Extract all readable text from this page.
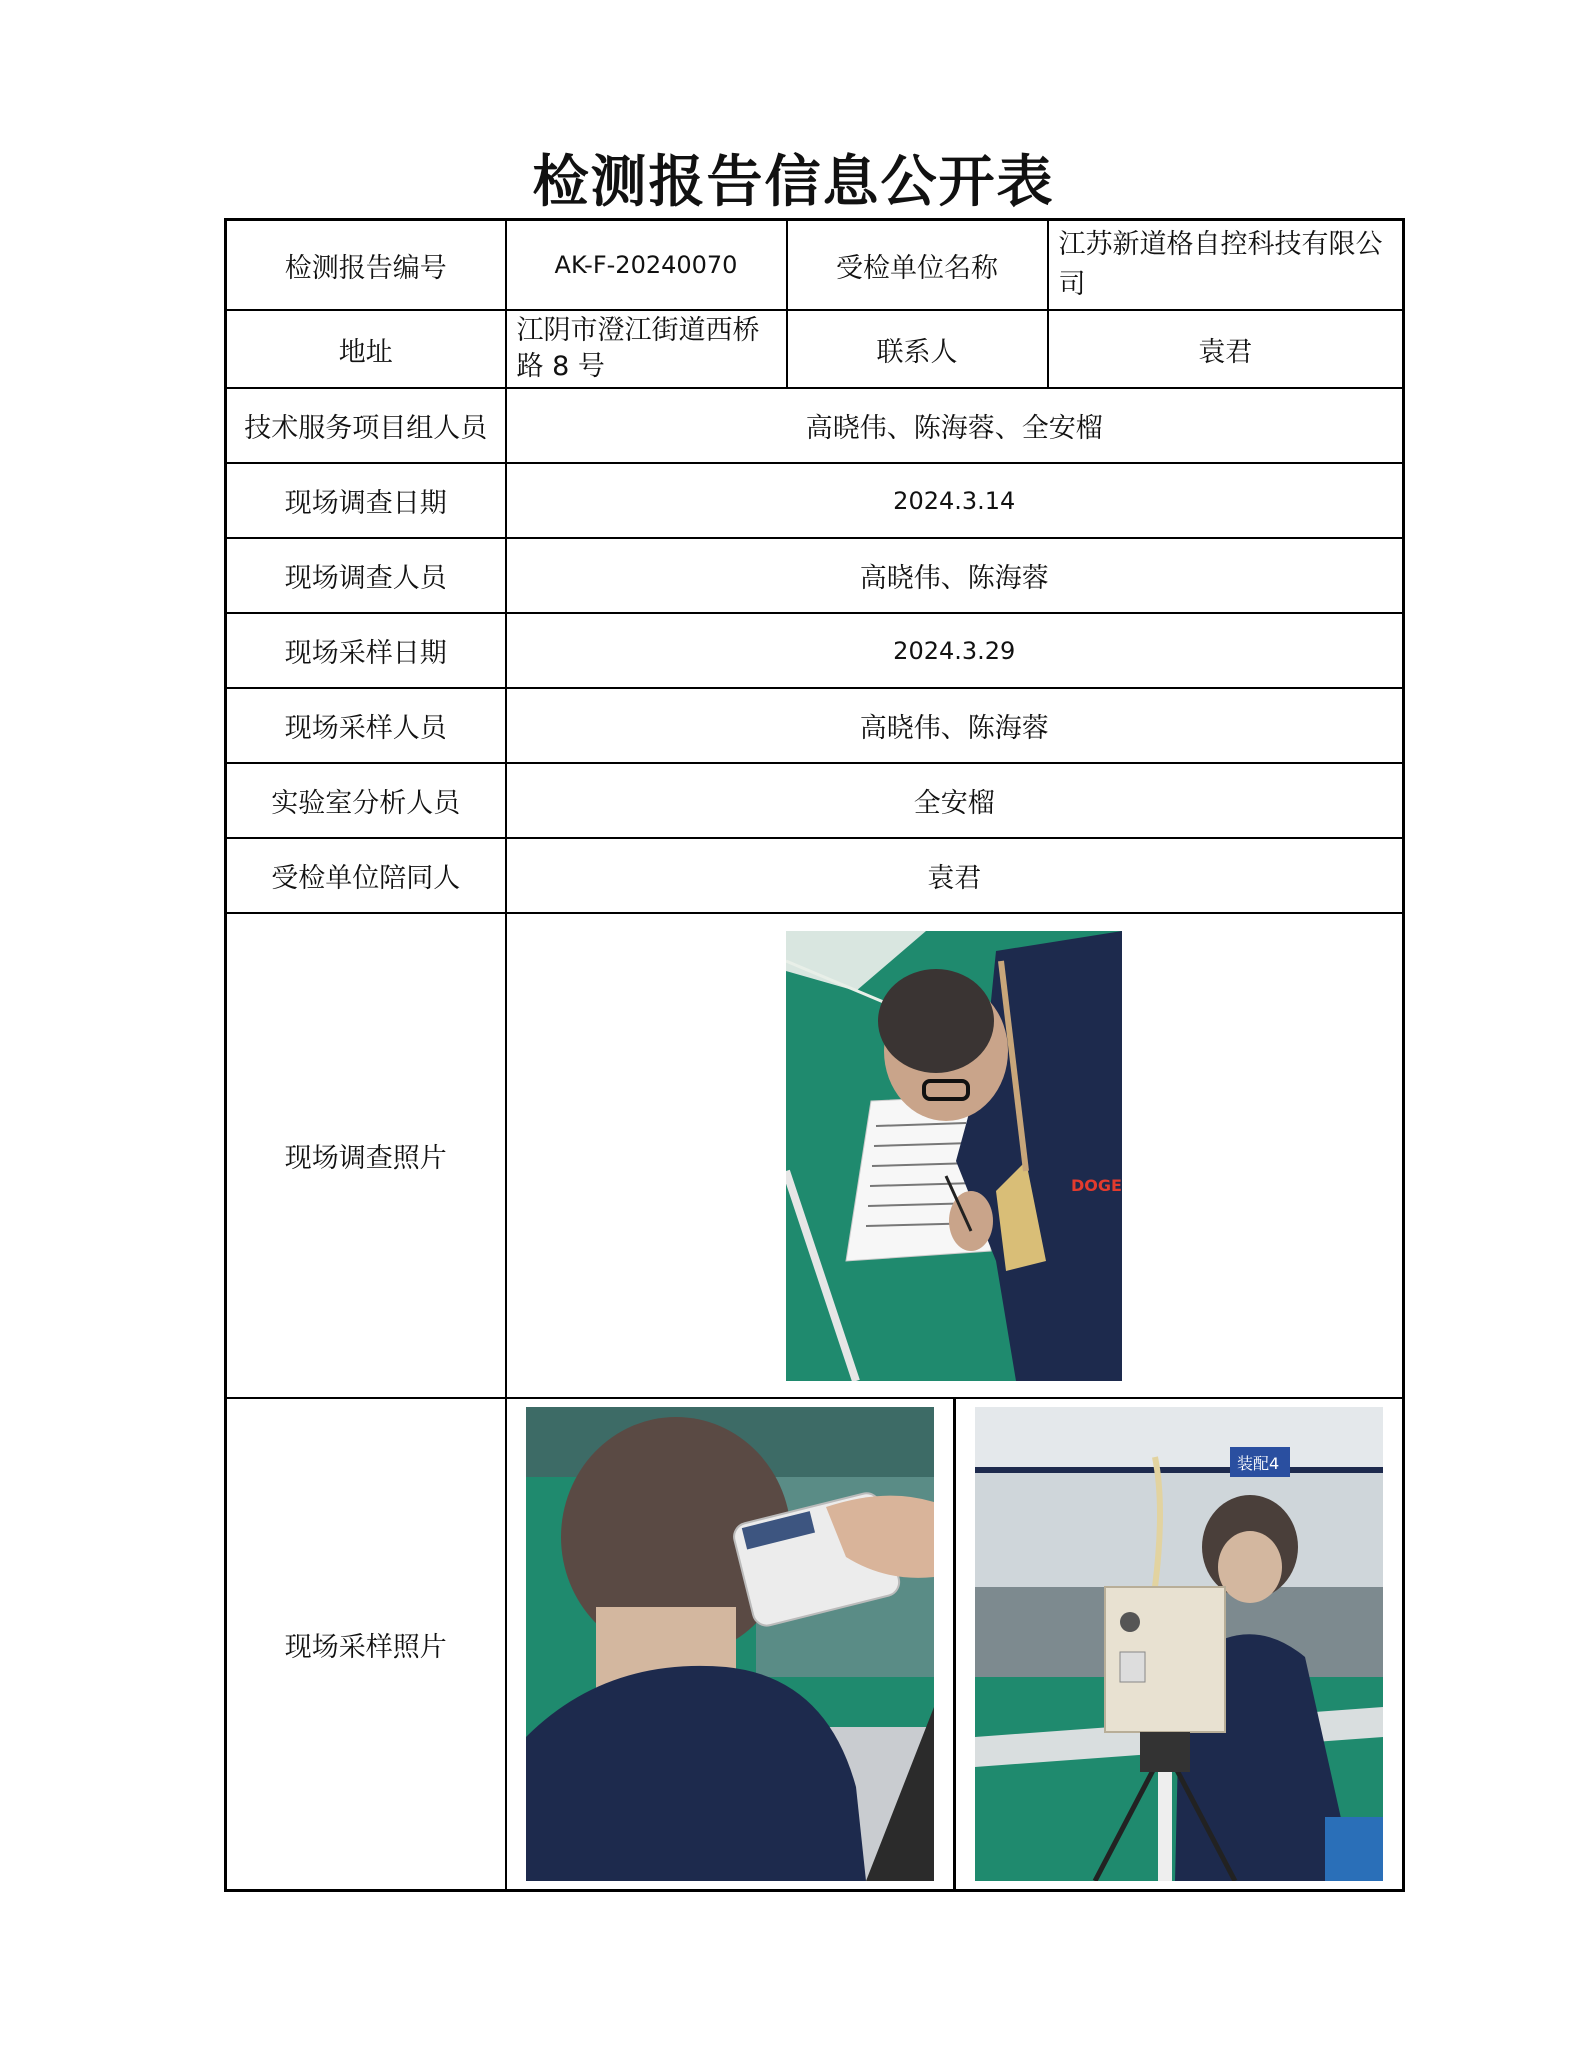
检测报告信息公开表
检测报告编号	AK-F-20240070	受检单位名称	江苏新道格自控科技有限公司
地址	江阴市澄江街道西桥路 8 号	联系人	袁君
技术服务项目组人员	高晓伟、陈海蓉、全安榴		
现场调查日期	2024.3.14		
现场调查人员	高晓伟、陈海蓉		
现场采样日期	2024.3.29		
现场采样人员	高晓伟、陈海蓉		
实验室分析人员	全安榴		
受检单位陪同人	袁君		
现场调查照片	DOGE		

现场采样照片	装配4		
